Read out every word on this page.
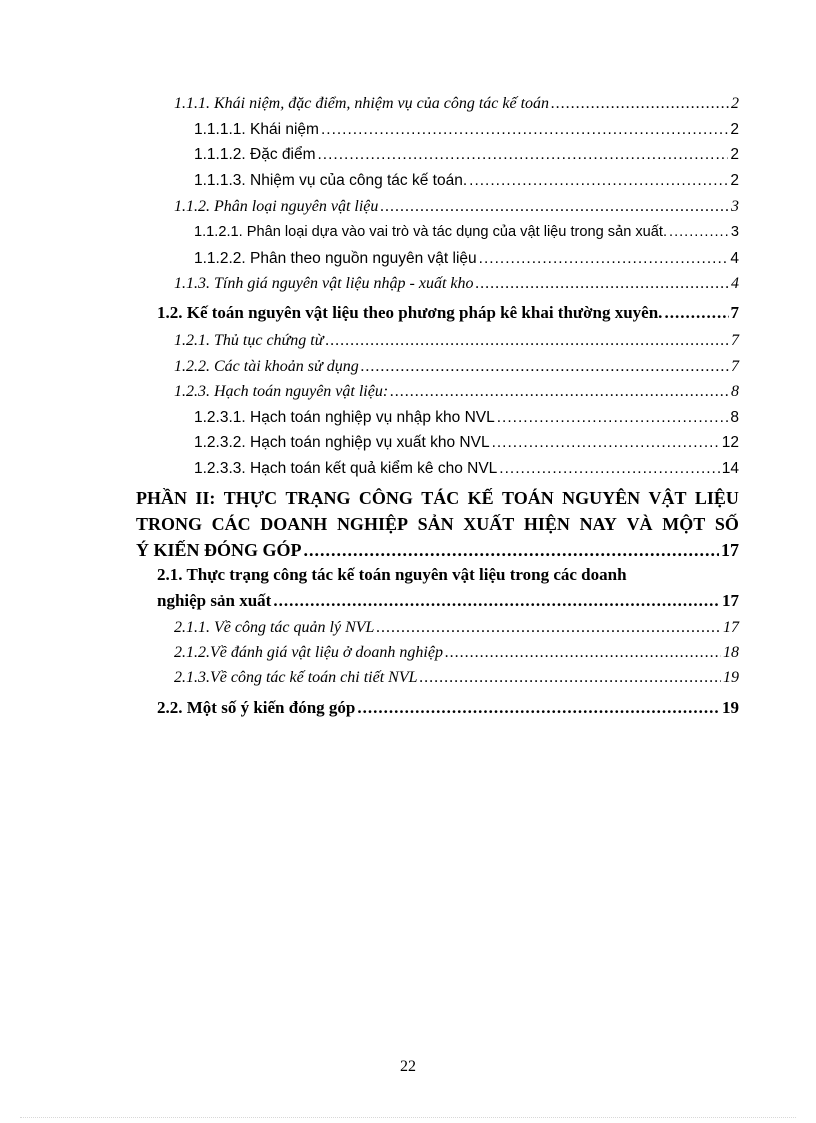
1.1.1. Khái niệm, đặc điểm, nhiệm vụ của công tác kế toán .....	2
1.1.1.1. Khái niệm .....	2
1.1.1.2. Đặc điểm .....	2
1.1.1.3. Nhiệm vụ của công tác kế toán. .....	2
1.1.2. Phân loại nguyên vật liệu .....	3
1.1.2.1. Phân loại dựa vào vai trò và tác dụng của vật liệu trong sản xuất. .....	3
1.1.2.2. Phân theo nguồn nguyên vật liệu .....	4
1.1.3. Tính giá nguyên vật liệu nhập - xuất kho .....	4
1.2. Kế toán nguyên vật liệu theo phương pháp kê khai thường xuyên. .....	7
1.2.1. Thủ tục chứng từ .....	7
1.2.2. Các tài khoản sử dụng .....	7
1.2.3. Hạch toán nguyên vật liệu: .....	8
1.2.3.1. Hạch toán nghiệp vụ nhập kho NVL .....	8
1.2.3.2. Hạch toán nghiệp vụ xuất kho NVL .....	12
1.2.3.3. Hạch toán kết quả kiểm kê cho NVL .....	14
PHẦN II: THỰC TRẠNG CÔNG TÁC KẾ TOÁN NGUYÊN VẬT LIỆU
TRONG CÁC DOANH NGHIỆP SẢN XUẤT HIỆN NAY VÀ MỘT SỐ
Ý KIẾN ĐÓNG GÓP .....	17
2.1. Thực trạng công tác kế toán nguyên vật liệu trong các doanh
nghiệp sản xuất .....	17
2.1.1. Về công tác quản lý NVL .....	17
2.1.2.Về đánh giá vật liệu ở doanh nghiệp .....	18
2.1.3.Về công tác kế toán chi tiết NVL .....	19
2.2. Một số ý kiến đóng góp .....	19
22
